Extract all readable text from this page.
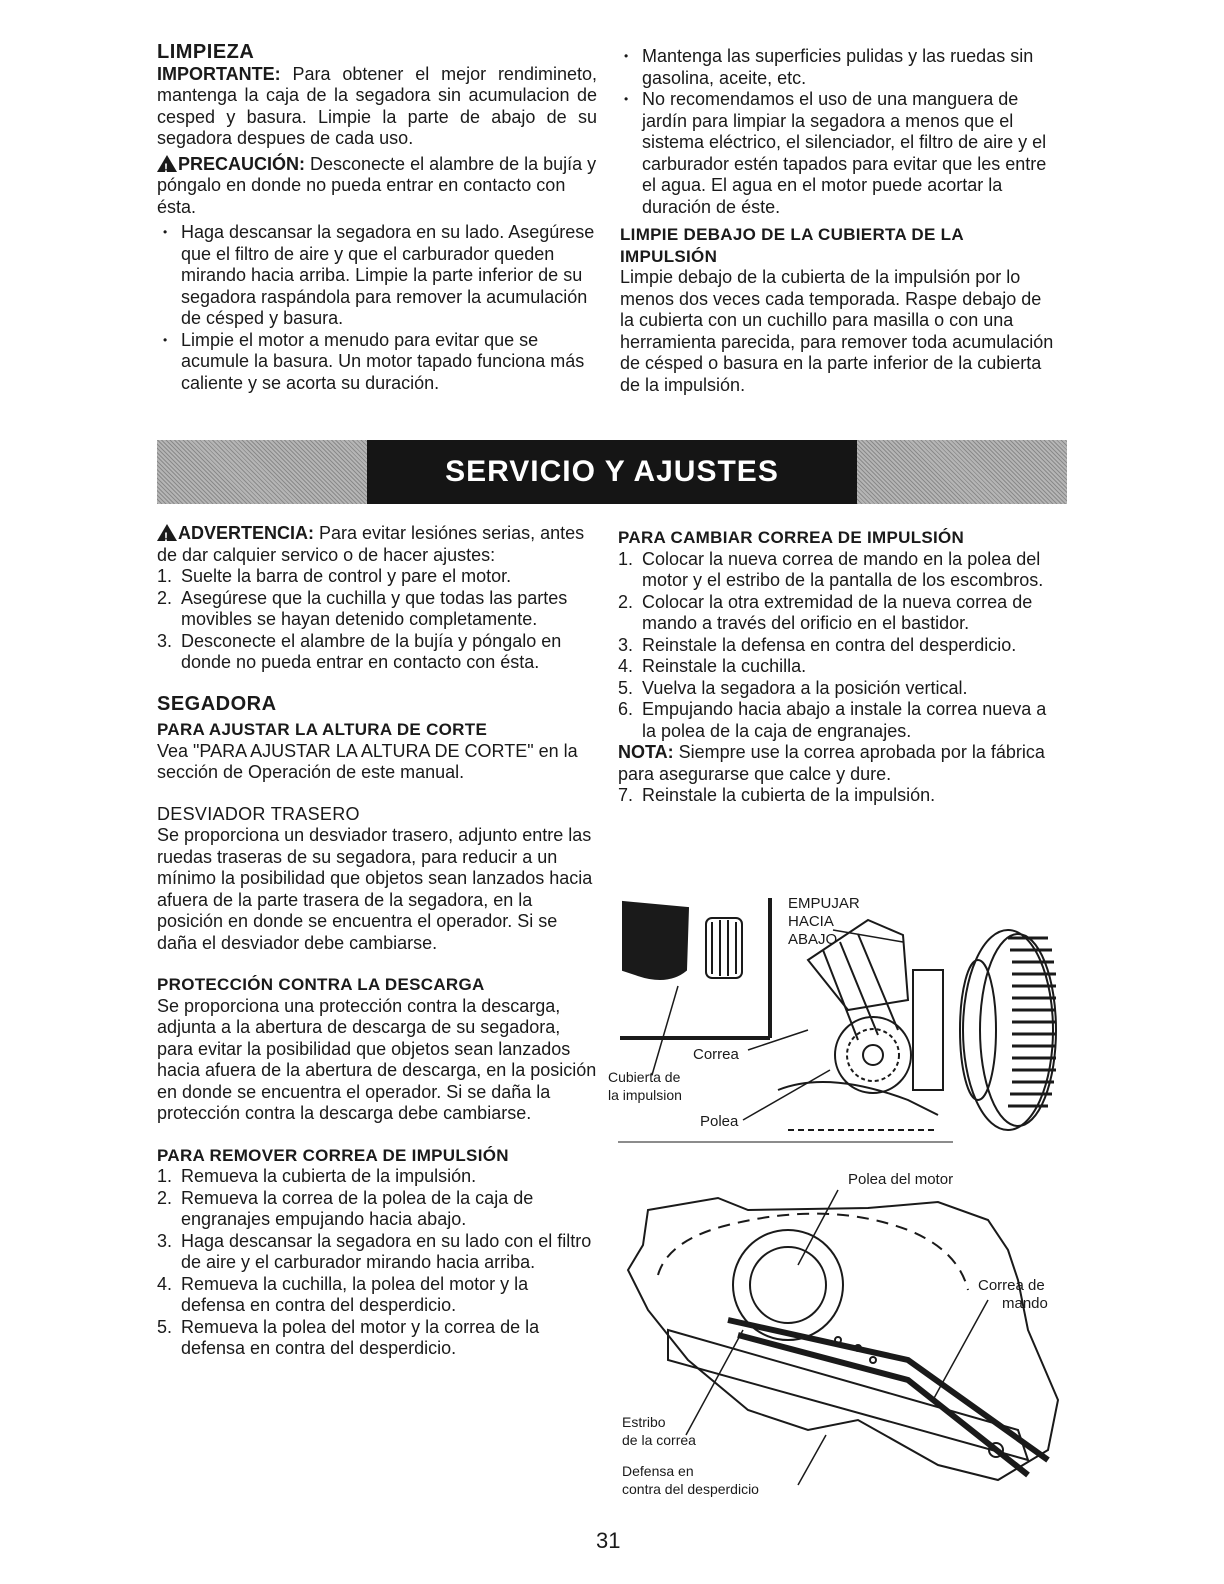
LIMPIEZA

IMPORTANTE: Para obtener el mejor rendimineto, mantenga la caja de la segadora sin acumulacion de cesped y basura. Limpie la parte de abajo de su segadora despues de cada uso.

!PRECAUCIÓN: Desconecte el alambre de la bujía y póngalo en donde no pueda entrar en contacto con ésta.

• Haga descansar la segadora en su lado. Asegúrese que el filtro de aire y que el carburador queden mirando hacia arriba. Limpie la parte inferior de su segadora raspándola para remover la acumulación de césped y basura.
• Limpie el motor a menudo para evitar que se acumule la basura. Un motor tapado funciona más caliente y se acorta su duración.
• Mantenga las superficies pulidas y las ruedas sin gasolina, aceite, etc.
• No recomendamos el uso de una manguera de jardín para limpiar la segadora a menos que el sistema eléctrico, el silenciador, el filtro de aire y el carburador estén tapados para evitar que les entre el agua. El agua en el motor puede acortar la duración de éste.
LIMPIE DEBAJO DE LA CUBIERTA DE LA IMPULSIÓN

Limpie debajo de la cubierta de la impulsión por lo menos dos veces cada temporada. Raspe debajo de la cubierta con un cuchillo para masilla o con una herramienta parecida, para remover toda acumulación de césped o basura en la parte inferior de la cubierta de la impulsión.

SERVICIO Y AJUSTES

!ADVERTENCIA: Para evitar lesiónes serias, antes de dar calquier servico o de hacer ajustes:

1. Suelte la barra de control y pare el motor.
2. Asegúrese que la cuchilla y que todas las partes movibles se hayan detenido completamente.
3. Desconecte el alambre de la bujía y póngalo en donde no pueda entrar en contacto con ésta.
SEGADORA
PARA AJUSTAR LA ALTURA DE CORTE

Vea "PARA AJUSTAR LA ALTURA DE CORTE" en la sección de Operación de este manual.

DESVIADOR TRASERO

Se proporciona un desviador trasero, adjunto entre las ruedas traseras de su segadora, para reducir a un mínimo la posibilidad que objetos sean lanzados hacia afuera de la parte trasera de la segadora, en la posición en donde se encuentra el operador. Si se daña el desviador debe cambiarse.

PROTECCIÓN CONTRA LA DESCARGA

Se proporciona una protección contra la descarga, adjunta a la abertura de descarga de su segadora, para evitar la posibilidad que objetos sean lanzados hacia afuera de la abertura de descarga, en la posición en donde se encuentra el operador. Si se daña la protección contra la descarga debe cambiarse.

PARA REMOVER CORREA DE IMPULSIÓN
1. Remueva la cubierta de la impulsión.
2. Remueva la correa de la polea de la caja de engranajes empujando hacia abajo.
3. Haga descansar la segadora en su lado con el filtro de aire y el carburador mirando hacia arriba.
4. Remueva la cuchilla, la polea del motor y la defensa en contra del desperdicio.
5. Remueva la polea del motor y la correa de la defensa en contra del desperdicio.
PARA CAMBIAR CORREA DE IMPULSIÓN
1. Colocar la nueva correa de mando en la polea del motor y el estribo de la pantalla de los escombros.
2. Colocar la otra extremidad de la nueva correa de mando a través del orificio en el bastidor.
3. Reinstale la defensa en contra del desperdicio.
4. Reinstale la cuchilla.
5. Vuelva la segadora a la posición vertical.
6. Empujando hacia abajo a instale la correa nueva a la polea de la caja de engranajes.

NOTA: Siempre use la correa aprobada por la fábrica para asegurarse que calce y dure.

7. Reinstale la cubierta de la impulsión.
EMPUJAR
HACIA
ABAJO
Correa
Cubierta de
la impulsion
Polea
Polea del motor
Correa de
mando
Estribo
de la correa
Defensa en
contra del desperdicio
31
